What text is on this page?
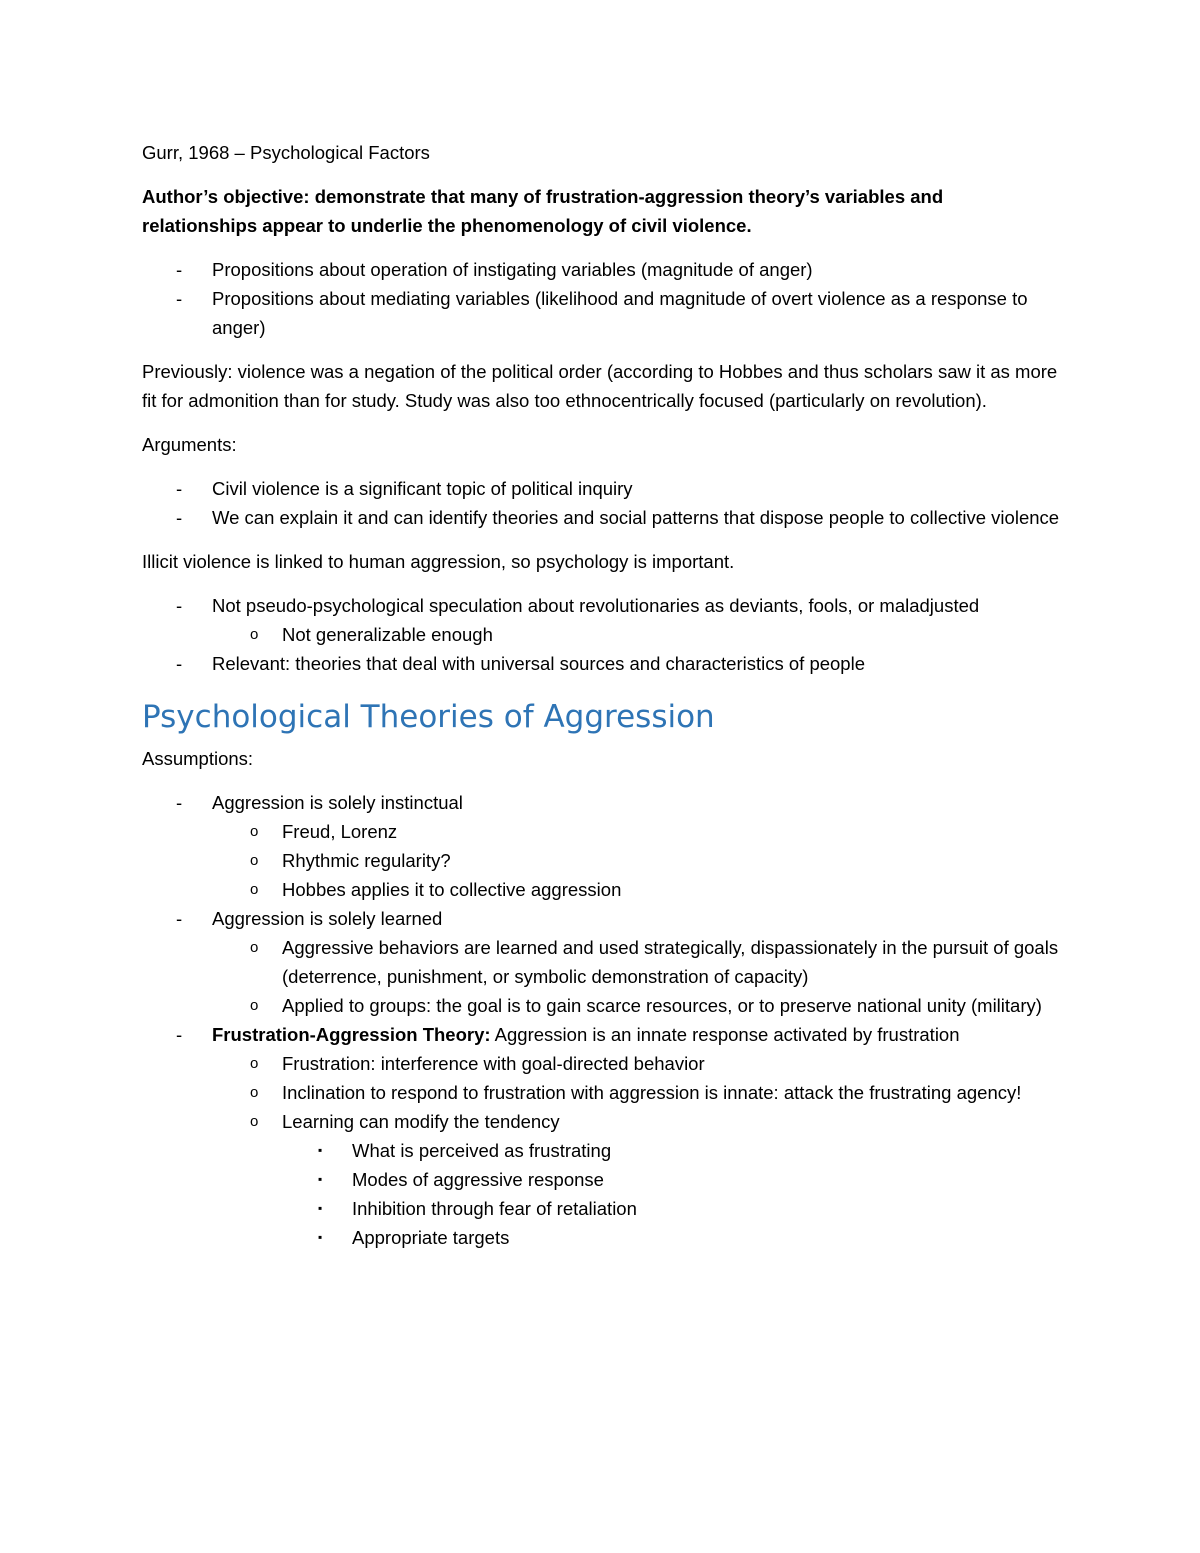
Gurr, 1968 – Psychological Factors

Author’s objective: demonstrate that many of frustration-aggression theory’s variables and relationships appear to underlie the phenomenology of civil violence.

- Propositions about operation of instigating variables (magnitude of anger)
- Propositions about mediating variables (likelihood and magnitude of overt violence as a response to anger)

Previously: violence was a negation of the political order (according to Hobbes and thus scholars saw it as more fit for admonition than for study. Study was also too ethnocentrically focused (particularly on revolution).

Arguments:

- Civil violence is a significant topic of political inquiry
- We can explain it and can identify theories and social patterns that dispose people to collective violence

Illicit violence is linked to human aggression, so psychology is important.

- Not pseudo-psychological speculation about revolutionaries as deviants, fools, or maladjusted
o Not generalizable enough
- Relevant: theories that deal with universal sources and characteristics of people
Psychological Theories of Aggression

Assumptions:

- Aggression is solely instinctual
o Freud, Lorenz
o Rhythmic regularity?
o Hobbes applies it to collective aggression
- Aggression is solely learned
o Aggressive behaviors are learned and used strategically, dispassionately in the pursuit of goals (deterrence, punishment, or symbolic demonstration of capacity)
o Applied to groups: the goal is to gain scarce resources, or to preserve national unity (military)
- Frustration-Aggression Theory: Aggression is an innate response activated by frustration
o Frustration: interference with goal-directed behavior
o Inclination to respond to frustration with aggression is innate: attack the frustrating agency!
o Learning can modify the tendency
▪ What is perceived as frustrating
▪ Modes of aggressive response
▪ Inhibition through fear of retaliation
▪ Appropriate targets
